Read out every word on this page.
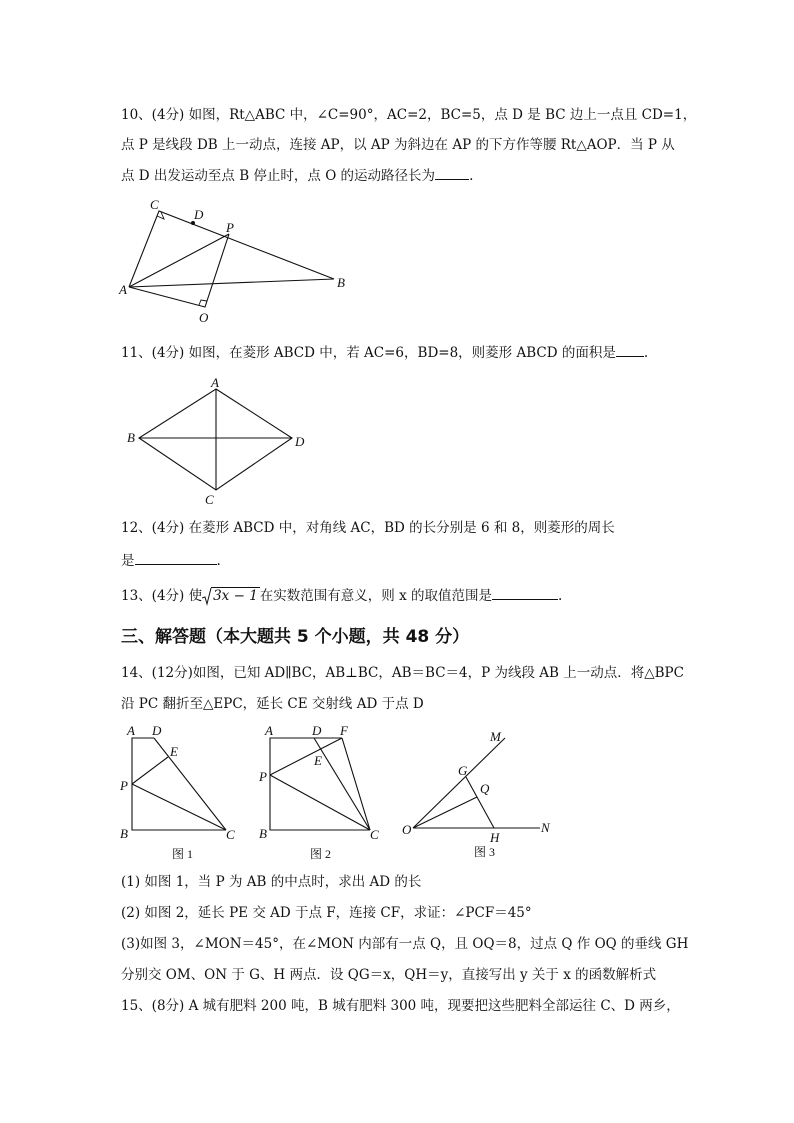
10、(4分) 如图，Rt△ABC 中，∠C=90°，AC=2，BC=5，点 D 是 BC 边上一点且 CD=1，
点 P 是线段 DB 上一动点，连接 AP，以 AP 为斜边在 AP 的下方作等腰 Rt△AOP．当 P 从
点 D 出发运动至点 B 停止时，点 O 的运动路径长为	.
C
D
P
A	B
O
11、(4分) 如图，在菱形 ABCD 中，若 AC=6，BD=8，则菱形 ABCD 的面积是 .
A
B	D
C
12、(4分) 在菱形 ABCD 中，对角线 AC，BD 的长分别是 6 和 8，则菱形的周长
是	.
13、(4分) 使 3x − 1 在实数范围有意义，则 x 的取值范围是	.
三、解答题（本大题共 5 个小题，共 48 分）
14、(12分)如图，已知 AD∥BC，AB⊥BC，AB＝BC＝4，P 为线段 AB 上一动点．将△BPC
沿 PC 翻折至△EPC，延长 CE 交射线 AD 于点 D
A D
E
P
B	C
图 1
A	D F
E
P
B	C
图 2
M
G
Q
O
H
N
图 3
(1) 如图 1，当 P 为 AB 的中点时，求出 AD 的长
(2) 如图 2，延长 PE 交 AD 于点 F，连接 CF，求证：∠PCF＝45°
(3)如图 3，∠MON＝45°，在∠MON 内部有一点 Q，且 OQ＝8，过点 Q 作 OQ 的垂线 GH
分别交 OM、ON 于 G、H 两点．设 QG＝x，QH＝y，直接写出 y 关于 x 的函数解析式
15、(8分) A 城有肥料 200 吨，B 城有肥料 300 吨，现要把这些肥料全部运往 C、D 两乡，
